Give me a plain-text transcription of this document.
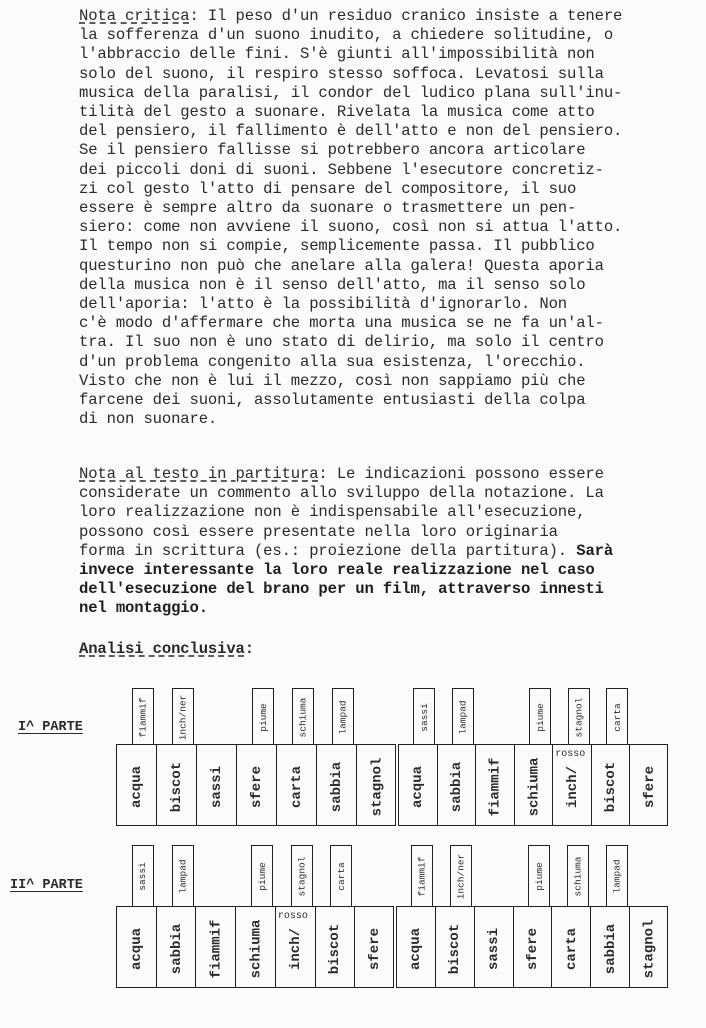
Nota critica: Il peso d'un residuo cranico insiste a tenere
la sofferenza d'un suono inudito, a chiedere solitudine, o
l'abbraccio delle fini. S'è giunti all'impossibilità non
solo del suono, il respiro stesso soffoca. Levatosi sulla
musica della paralisi, il condor del ludico plana sull'inu-
tilità del gesto a suonare. Rivelata la musica come atto
del pensiero, il fallimento è dell'atto e non del pensiero.
Se il pensiero fallisse si potrebbero ancora articolare
dei piccoli doni di suoni. Sebbene l'esecutore concretiz-
zi col gesto l'atto di pensare del compositore, il suo
essere è sempre altro da suonare o trasmettere un pen-
siero: come non avviene il suono, così non si attua l'atto.
Il tempo non si compie, semplicemente passa. Il pubblico
questurino non può che anelare alla galera! Questa aporia
della musica non è il senso dell'atto, ma il senso solo
dell'aporia: l'atto è la possibilità d'ignorarlo. Non
c'è modo d'affermare che morta una musica se ne fa un'al-
tra. Il suo non è uno stato di delirio, ma solo il centro
d'un problema congenito alla sua esistenza, l'orecchio.
Visto che non è lui il mezzo, così non sappiamo più che
farcene dei suoni, assolutamente entusiasti della colpa
di non suonare.
Nota al testo in partitura: Le indicazioni possono essere
considerate un commento allo sviluppo della notazione. La
loro realizzazione non è indispensabile all'esecuzione,
possono così essere presentate nella loro originaria
forma in scrittura (es.: proiezione della partitura). Sarà
invece interessante la loro reale realizzazione nel caso
dell'esecuzione del brano per un film, attraverso innesti
nel montaggio.
Analisi conclusiva:
I^ PARTE
acqua biscot sassi sfere carta sabbia stagnol
fiammif	inch/ner	piume	schiuma	lampad
acqua sabbia fiammif schiuma inch/
rosso
biscot sfere
sassi	lampad	piume	stagnol	carta
II^ PARTE
acqua sabbia fiammif schiuma inch/
rosso
biscot sfere
sassi	lampad	piume	stagnol	carta
acqua biscot sassi sfere carta sabbia stagnol
fiammif	inch/ner	piume	schiuma	lampad
